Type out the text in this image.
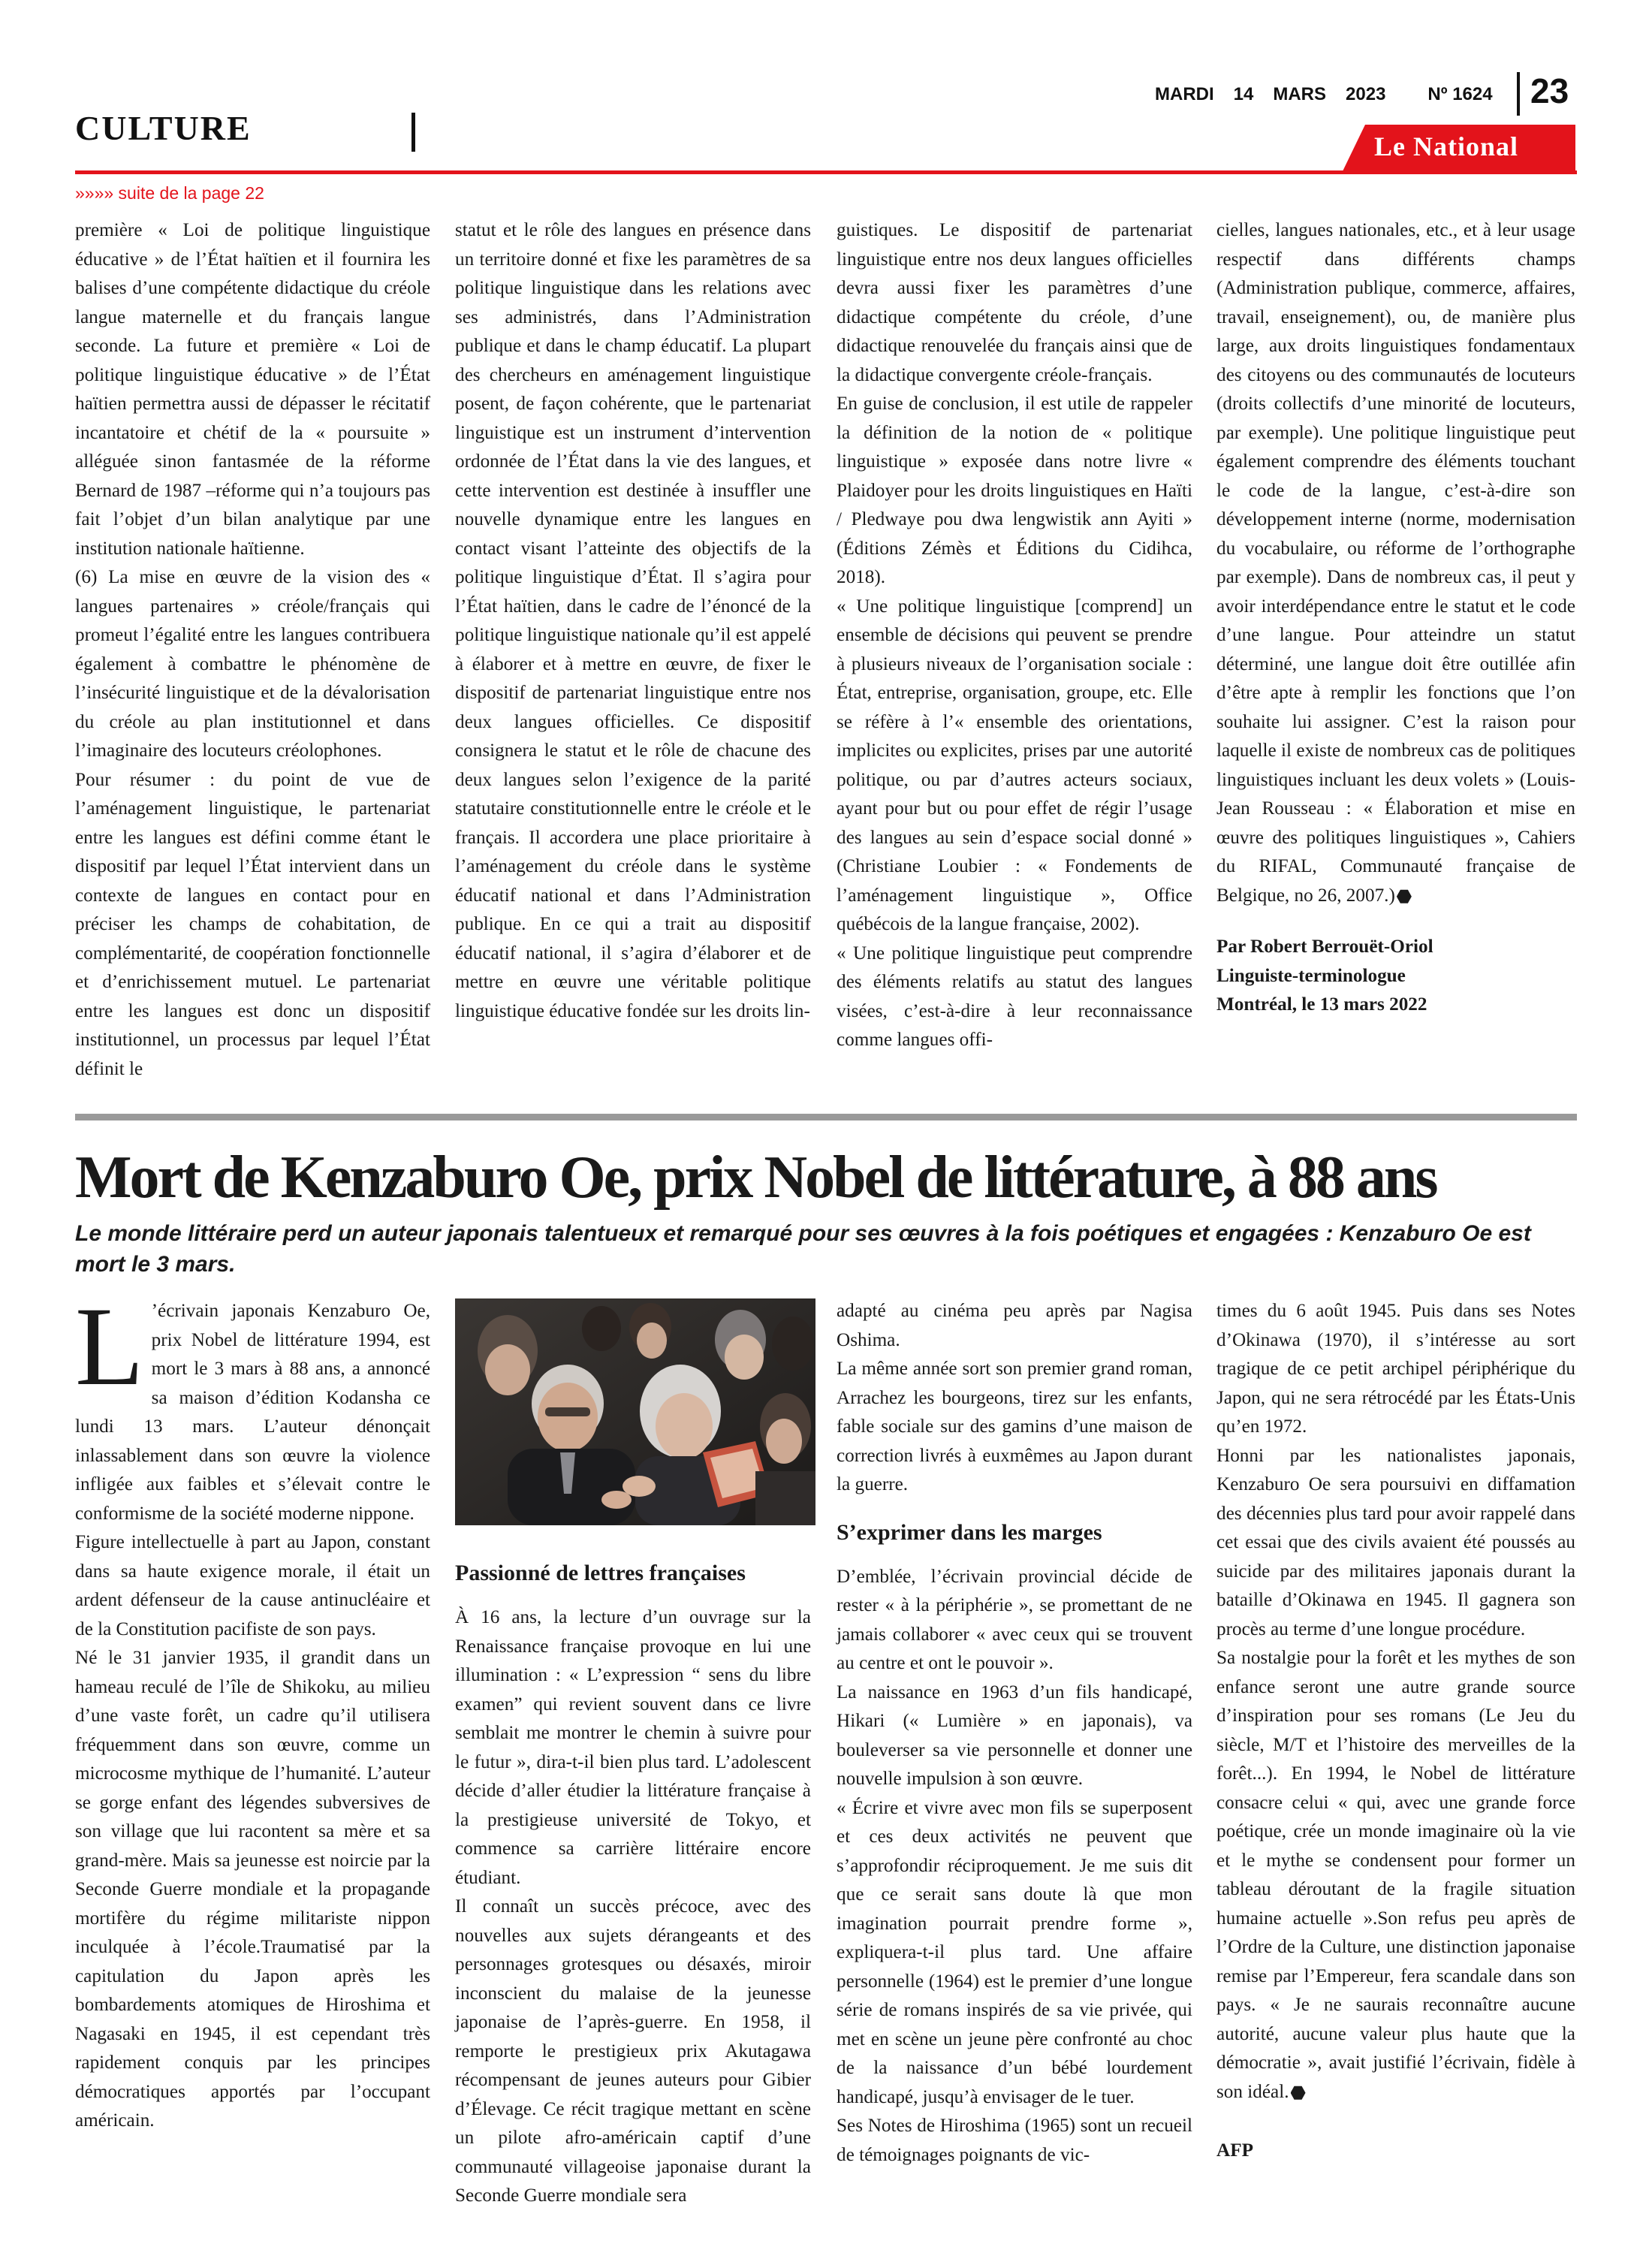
CULTURE
MARDI 14 MARS 2023 Nº 1624 23
Le National
»»»» suite de la page 22

première « Loi de politique linguistique éducative » de l’État haïtien et il fournira les balises d’une compétente didactique du créole langue maternelle et du français langue seconde. La future et première « Loi de politique linguistique éducative » de l’État haïtien permettra aussi de dépasser le récitatif incantatoire et chétif de la « poursuite » alléguée sinon fantasmée de la réforme Bernard de 1987 –réforme qui n’a toujours pas fait l’objet d’un bilan analytique par une institution nationale haïtienne.

(6) La mise en œuvre de la vision des « langues partenaires » créole/français qui promeut l’égalité entre les langues contribuera également à combattre le phénomène de l’insécurité linguistique et de la dévalorisation du créole au plan institutionnel et dans l’imaginaire des locuteurs créolophones.

Pour résumer : du point de vue de l’aménagement linguistique, le partenariat entre les langues est défini comme étant le dispositif par lequel l’État intervient dans un contexte de langues en contact pour en préciser les champs de cohabitation, de complémentarité, de coopération fonctionnelle et d’enrichissement mutuel. Le partenariat entre les langues est donc un dispositif institutionnel, un processus par lequel l’État définit le

statut et le rôle des langues en présence dans un territoire donné et fixe les paramètres de sa politique linguistique dans les relations avec ses administrés, dans l’Administration publique et dans le champ éducatif. La plupart des chercheurs en aménagement linguistique posent, de façon cohérente, que le partenariat linguistique est un instrument d’intervention ordonnée de l’État dans la vie des langues, et cette intervention est destinée à insuffler une nouvelle dynamique entre les langues en contact visant l’atteinte des objectifs de la politique linguistique d’État. Il s’agira pour l’État haïtien, dans le cadre de l’énoncé de la politique linguistique nationale qu’il est appelé à élaborer et à mettre en œuvre, de fixer le dispositif de partenariat linguistique entre nos deux langues officielles. Ce dispositif consignera le statut et le rôle de chacune des deux langues selon l’exigence de la parité statutaire constitutionnelle entre le créole et le français. Il accordera une place prioritaire à l’aménagement du créole dans le système éducatif national et dans l’Administration publique. En ce qui a trait au dispositif éducatif national, il s’agira d’élaborer et de mettre en œuvre une véritable politique linguistique éducative fondée sur les droits lin-

guistiques. Le dispositif de partenariat linguistique entre nos deux langues officielles devra aussi fixer les paramètres d’une didactique compétente du créole, d’une didactique renouvelée du français ainsi que de la didactique convergente créole-français.

En guise de conclusion, il est utile de rappeler la définition de la notion de « politique linguistique » exposée dans notre livre « Plaidoyer pour les droits linguistiques en Haïti / Pledwaye pou dwa lengwistik ann Ayiti » (Éditions Zémès et Éditions du Cidihca, 2018).

« Une politique linguistique [comprend] un ensemble de décisions qui peuvent se prendre à plusieurs niveaux de l’organisation sociale : État, entreprise, organisation, groupe, etc. Elle se réfère à l’« ensemble des orientations, implicites ou explicites, prises par une autorité politique, ou par d’autres acteurs sociaux, ayant pour but ou pour effet de régir l’usage des langues au sein d’espace social donné » (Christiane Loubier : « Fondements de l’aménagement linguistique », Office québécois de la langue française, 2002).

« Une politique linguistique peut comprendre des éléments relatifs au statut des langues visées, c’est-à-dire à leur reconnaissance comme langues offi-

cielles, langues nationales, etc., et à leur usage respectif dans différents champs (Administration publique, commerce, affaires, travail, enseignement), ou, de manière plus large, aux droits linguistiques fondamentaux des citoyens ou des communautés de locuteurs (droits collectifs d’une minorité de locuteurs, par exemple). Une politique linguistique peut également comprendre des éléments touchant le code de la langue, c’est-à-dire son développement interne (norme, modernisation du vocabulaire, ou réforme de l’orthographe par exemple). Dans de nombreux cas, il peut y avoir interdépendance entre le statut et le code d’une langue. Pour atteindre un statut déterminé, une langue doit être outillée afin d’être apte à remplir les fonctions que l’on souhaite lui assigner. C’est la raison pour laquelle il existe de nombreux cas de politiques linguistiques incluant les deux volets » (Louis-Jean Rousseau : « Élaboration et mise en œuvre des politiques linguistiques », Cahiers du RIFAL, Communauté française de Belgique, no 26, 2007.)

Par Robert Berrouët-Oriol
Linguiste-terminologue
Montréal, le 13 mars 2022

Mort de Kenzaburo Oe, prix Nobel de littérature, à 88 ans
Le monde littéraire perd un auteur japonais talentueux et remarqué pour ses œuvres à la fois poétiques et engagées : Kenzaburo Oe est mort le 3 mars.

L ’écrivain japonais Kenzaburo Oe, prix Nobel de littérature 1994, est mort le 3 mars à 88 ans, a annoncé sa maison d’édition Kodansha ce lundi 13 mars. L’auteur dénonçait inlassablement dans son œuvre la violence infligée aux faibles et s’élevait contre le conformisme de la société moderne nippone.

Figure intellectuelle à part au Japon, constant dans sa haute exigence morale, il était un ardent défenseur de la cause antinucléaire et de la Constitution pacifiste de son pays.

Né le 31 janvier 1935, il grandit dans un hameau reculé de l’île de Shikoku, au milieu d’une vaste forêt, un cadre qu’il utilisera fréquemment dans son œuvre, comme un microcosme mythique de l’humanité. L’auteur se gorge enfant des légendes subversives de son village que lui racontent sa mère et sa grand-mère. Mais sa jeunesse est noircie par la Seconde Guerre mondiale et la propagande mortifère du régime militariste nippon inculquée à l’école.Traumatisé par la capitulation du Japon après les bombardements atomiques de Hiroshima et Nagasaki en 1945, il est cependant très rapidement conquis par les principes démocratiques apportés par l’occupant américain.

Passionné de lettres françaises

À 16 ans, la lecture d’un ouvrage sur la Renaissance française provoque en lui une illumination : « L’expression “ sens du libre examen” qui revient souvent dans ce livre semblait me montrer le chemin à suivre pour le futur », dira-t-il bien plus tard. L’adolescent décide d’aller étudier la littérature française à la prestigieuse université de Tokyo, et commence sa carrière littéraire encore étudiant.

Il connaît un succès précoce, avec des nouvelles aux sujets dérangeants et des personnages grotesques ou désaxés, miroir inconscient du malaise de la jeunesse japonaise de l’après-guerre. En 1958, il remporte le prestigieux prix Akutagawa récompensant de jeunes auteurs pour Gibier d’Élevage. Ce récit tragique mettant en scène un pilote afro-américain captif d’une communauté villageoise japonaise durant la Seconde Guerre mondiale sera

adapté au cinéma peu après par Nagisa Oshima.

La même année sort son premier grand roman, Arrachez les bourgeons, tirez sur les enfants, fable sociale sur des gamins d’une maison de correction livrés à euxmêmes au Japon durant la guerre.

S’exprimer dans les marges

D’emblée, l’écrivain provincial décide de rester « à la périphérie », se promettant de ne jamais collaborer « avec ceux qui se trouvent au centre et ont le pouvoir ».

La naissance en 1963 d’un fils handicapé, Hikari (« Lumière » en japonais), va bouleverser sa vie personnelle et donner une nouvelle impulsion à son œuvre.

« Écrire et vivre avec mon fils se superposent et ces deux activités ne peuvent que s’approfondir réciproquement. Je me suis dit que ce serait sans doute là que mon imagination pourrait prendre forme », expliquera-t-il plus tard. Une affaire personnelle (1964) est le premier d’une longue série de romans inspirés de sa vie privée, qui met en scène un jeune père confronté au choc de la naissance d’un bébé lourdement handicapé, jusqu’à envisager de le tuer.

Ses Notes de Hiroshima (1965) sont un recueil de témoignages poignants de vic-

times du 6 août 1945. Puis dans ses Notes d’Okinawa (1970), il s’intéresse au sort tragique de ce petit archipel périphérique du Japon, qui ne sera rétrocédé par les États-Unis qu’en 1972.

Honni par les nationalistes japonais, Kenzaburo Oe sera poursuivi en diffamation des décennies plus tard pour avoir rappelé dans cet essai que des civils avaient été poussés au suicide par des militaires japonais durant la bataille d’Okinawa en 1945. Il gagnera son procès au terme d’une longue procédure.

Sa nostalgie pour la forêt et les mythes de son enfance seront une autre grande source d’inspiration pour ses romans (Le Jeu du siècle, M/T et l’histoire des merveilles de la forêt...). En 1994, le Nobel de littérature consacre celui « qui, avec une grande force poétique, crée un monde imaginaire où la vie et le mythe se condensent pour former un tableau déroutant de la fragile situation humaine actuelle ».Son refus peu après de l’Ordre de la Culture, une distinction japonaise remise par l’Empereur, fera scandale dans son pays. « Je ne saurais reconnaître aucune autorité, aucune valeur plus haute que la démocratie », avait justifié l’écrivain, fidèle à son idéal.

AFP
